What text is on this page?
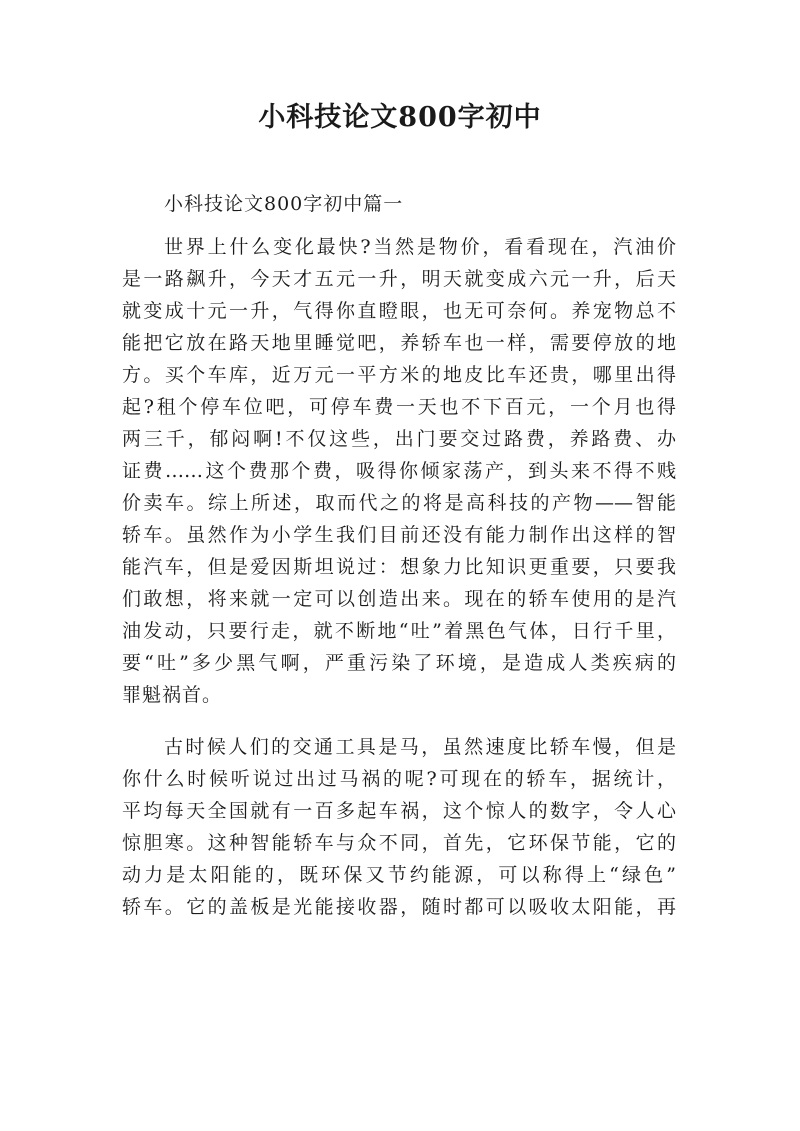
小科技论文800字初中
小科技论文800字初中篇一
世界上什么变化最快?当然是物价，看看现在，汽油价
是一路飙升，今天才五元一升，明天就变成六元一升，后天
就变成十元一升，气得你直瞪眼，也无可奈何。养宠物总不
能把它放在路天地里睡觉吧，养轿车也一样，需要停放的地
方。买个车库，近万元一平方米的地皮比车还贵，哪里出得
起?租个停车位吧，可停车费一天也不下百元，一个月也得
两三千，郁闷啊!不仅这些，出门要交过路费，养路费、办
证费……这个费那个费，吸得你倾家荡产，到头来不得不贱
价卖车。综上所述，取而代之的将是高科技的产物——智能
轿车。虽然作为小学生我们目前还没有能力制作出这样的智
能汽车，但是爱因斯坦说过：想象力比知识更重要，只要我
们敢想，将来就一定可以创造出来。现在的轿车使用的是汽
油发动，只要行走，就不断地“吐”着黑色气体，日行千里，
要“吐”多少黑气啊，严重污染了环境，是造成人类疾病的
罪魁祸首。
古时候人们的交通工具是马，虽然速度比轿车慢，但是
你什么时候听说过出过马祸的呢?可现在的轿车，据统计，
平均每天全国就有一百多起车祸，这个惊人的数字，令人心
惊胆寒。这种智能轿车与众不同，首先，它环保节能，它的
动力是太阳能的，既环保又节约能源，可以称得上“绿色”
轿车。它的盖板是光能接收器，随时都可以吸收太阳能，再
